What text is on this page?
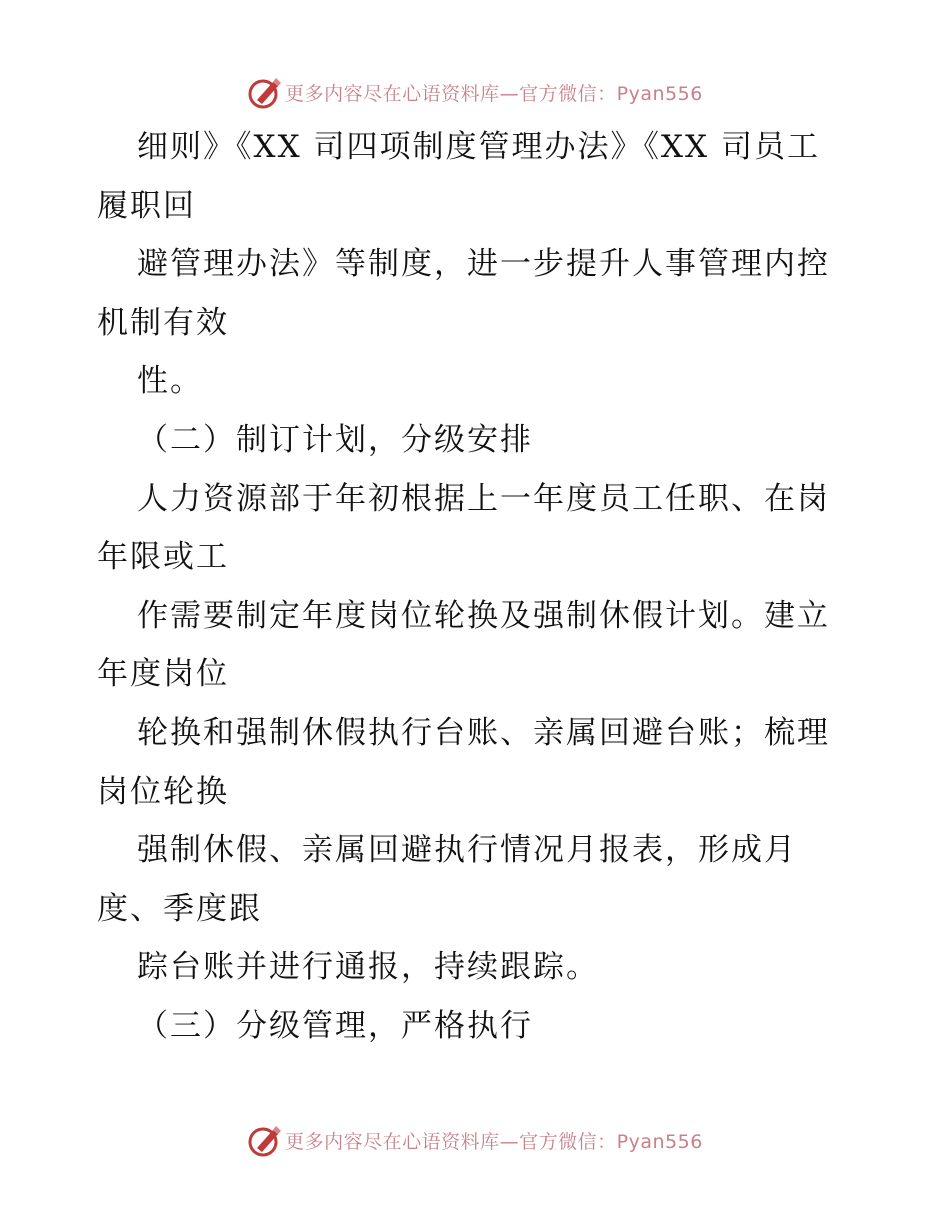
更多内容尽在心语资料库—官方微信：Pyan556
细则》《XX 司四项制度管理办法》《XX 司员工
履职回
避管理办法》等制度，进一步提升人事管理内控
机制有效
性。
（二）制订计划，分级安排
人力资源部于年初根据上一年度员工任职、在岗
年限或工
作需要制定年度岗位轮换及强制休假计划。建立
年度岗位
轮换和强制休假执行台账、亲属回避台账；梳理
岗位轮换
强制休假、亲属回避执行情况月报表，形成月
度、季度跟
踪台账并进行通报，持续跟踪。
（三）分级管理，严格执行
更多内容尽在心语资料库—官方微信：Pyan556
